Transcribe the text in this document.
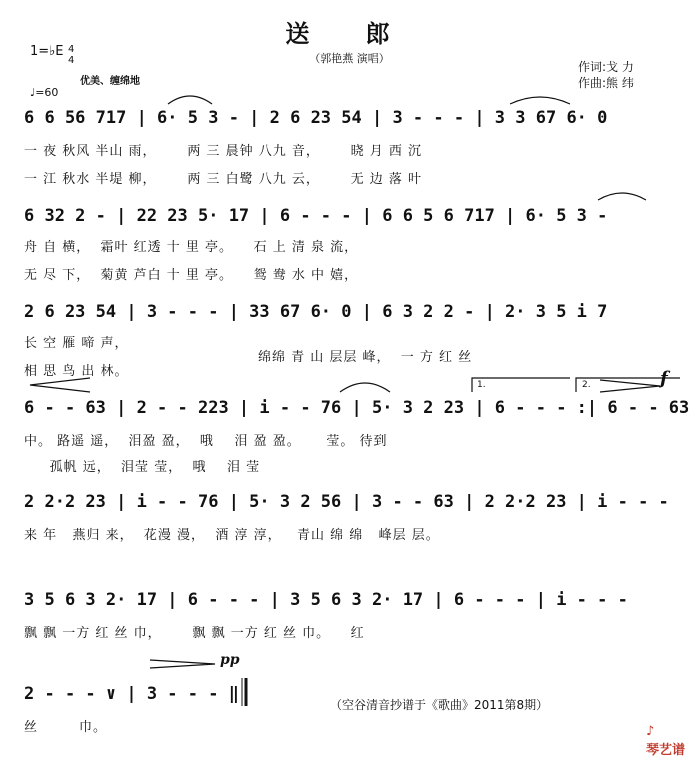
送 郎
（郭艳燕 演唱）
1=♭E 4
4
优美、缠绵地
♩=60
作词:戈 力
作曲:熊 纬
6 6 56 717 | 6· 5 3 - | 2 6 23 54 | 3 - - - | 3 3 67 6· 0
一 夜 秋风 半山 雨，      两 三 晨钟 八九 音，      晓 月 西 沉
一 江 秋水 半堤 柳，      两 三 白鹭 八九 云，      无 边 落 叶
6 32 2 - | 22 23 5· 17 | 6 - - - | 6 6 5 6 717 | 6· 5 3 -
舟 自 横，  霜叶 红透 十 里 亭。    石 上 清 泉 流，
无 尽 下，  菊黄 芦白 十 里 亭。    鸳 鸯 水 中 嬉，
2 6 23 54 | 3 - - - | 33 67 6· 0 | 6 3 2 2 - | 2· 3 5 i 7
长 空 雁 啼 声，
相 思 鸟 出 林。
绵绵 青 山 层层 峰，  一 方 红 丝
6 - - 63 | 2 - - 223 | i - - 76 | 5· 3 2 23 | 6 - - - :| 6 - - 63
中。 路遥 遥，  泪盈 盈，  哦    泪 盈 盈。     莹。 待到
孤帆 远，  泪莹 莹，  哦    泪 莹
2 2·2 23 | i - - 76 | 5· 3 2 56 | 3 - - 63 | 2 2·2 23 | i - - -
来 年   燕归 来，  花漫 漫，  酒 淳 淳，   青山 绵 绵   峰层 层。
3 5 6 3 2· 17 | 6 - - - | 3 5 6 3 2· 17 | 6 - - - | i - - -
飘 飘 一方 红 丝 巾，      飘 飘 一方 红 丝 巾。    红
2 - - - ∨ | 3 - - - ‖
丝        巾。
（空谷清音抄谱于《歌曲》2011第8期）
f
pp
1.	2.

♪
琴艺谱
